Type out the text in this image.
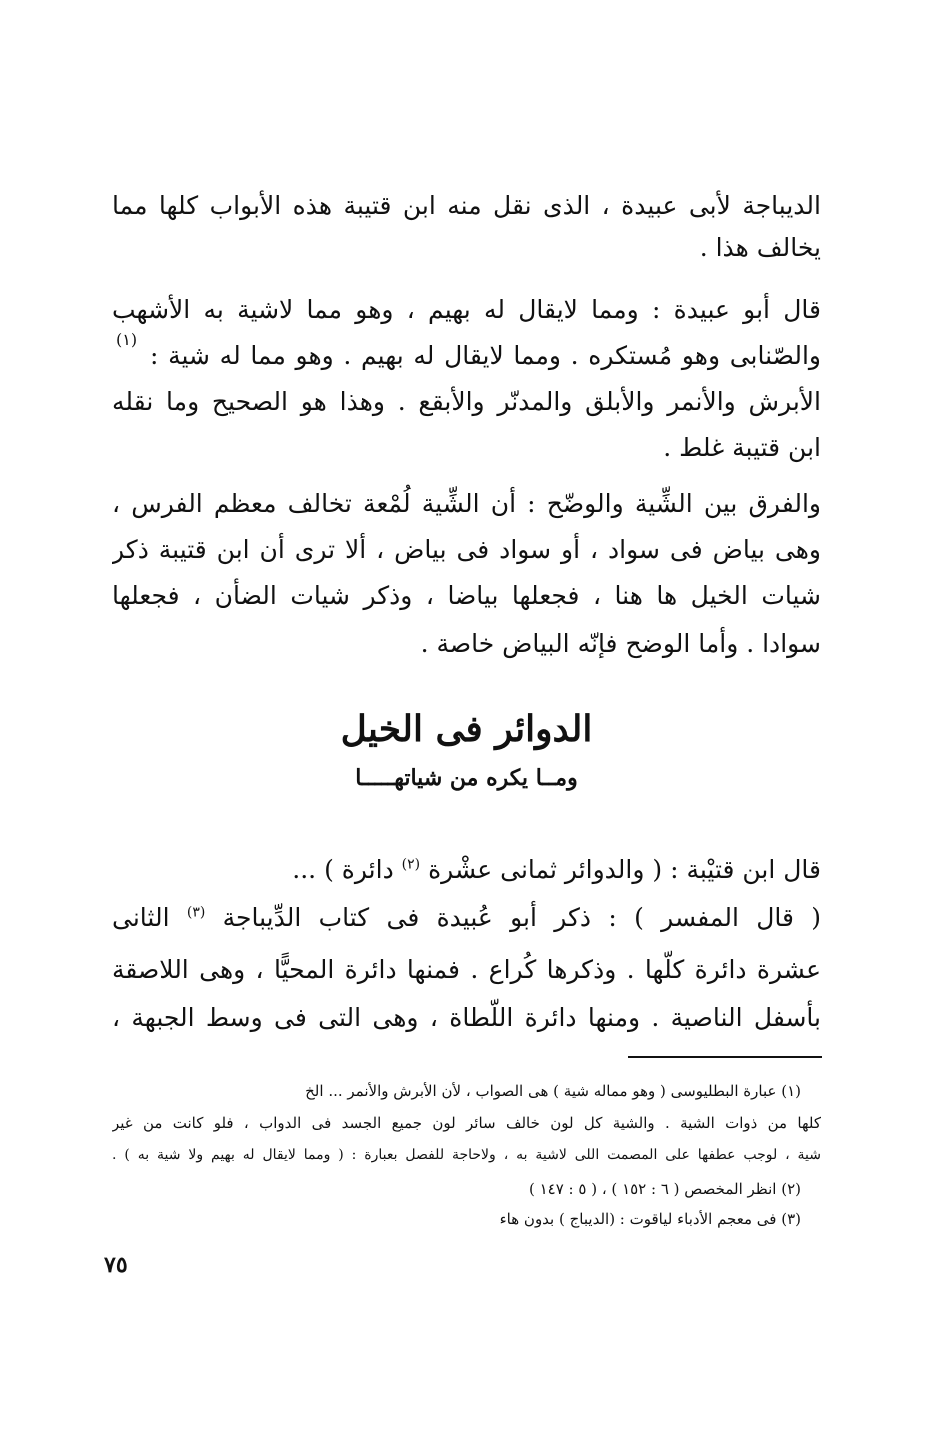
الديباجة لأبى عبيدة ، الذى نقل منه ابن قتيبة هذه الأبواب كلها مما
يخالف هذا .
قال أبو عبيدة : ومما لايقال له بهيم ، وهو مما لاشية به الأشهب
والصّنابى وهو مُستكره . ومما لايقال له بهيم . وهو مما له شية :
(١)
الأبرش والأنمر والأبلق والمدنّر والأبقع . وهذا هو الصحيح وما نقله
ابن قتيبة غلط .
والفرق بين الشِّية والوضّح : أن الشِّية لُمْعة تخالف معظم الفرس ،
وهى بياض فى سواد ، أو سواد فى بياض ، ألا ترى أن ابن قتيبة ذكر
شيات الخيل ها هنا ، فجعلها بياضا ، وذكر شيات الضأن ، فجعلها
سوادا . وأما الوضح فإنّه البياض خاصة .
الدوائر فى الخيل
ومــا يكره من شياتهـــــا
قال ابن قتيْبة : ( والدوائر ثمانى عشْرة $^{(٢)}$ دائرة ) ...
( قال المفسر ) : ذكر أبو عُبيدة فى كتاب الدِّيباجة $^{(٣)}$ الثانى
عشرة دائرة كلّها . وذكرها كُراع . فمنها دائرة المحيًّا ، وهى اللاصقة
بأسفل الناصية . ومنها دائرة اللّطاة ، وهى التى فى وسط الجبهة ،
(١) عبارة البطليوسى ( وهو مماله شية ) هى الصواب ، لأن الأبرش والأنمر ... الخ
كلها من ذوات الشية . والشية كل لون خالف سائر لون جميع الجسد فى الدواب ، فلو كانت من غير
شية ، لوجب عطفها على المصمت اللى لاشية به ، ولاحاجة للفصل بعبارة : ( ومما لايقال له بهيم ولا شية به ) .
(٢) انظر المخصص ( ٦ : ١٥٢ ) ، ( ٥ : ١٤٧ )
(٣) فى معجم الأدباء لياقوت : (الديباج ) بدون هاء
٧٥
